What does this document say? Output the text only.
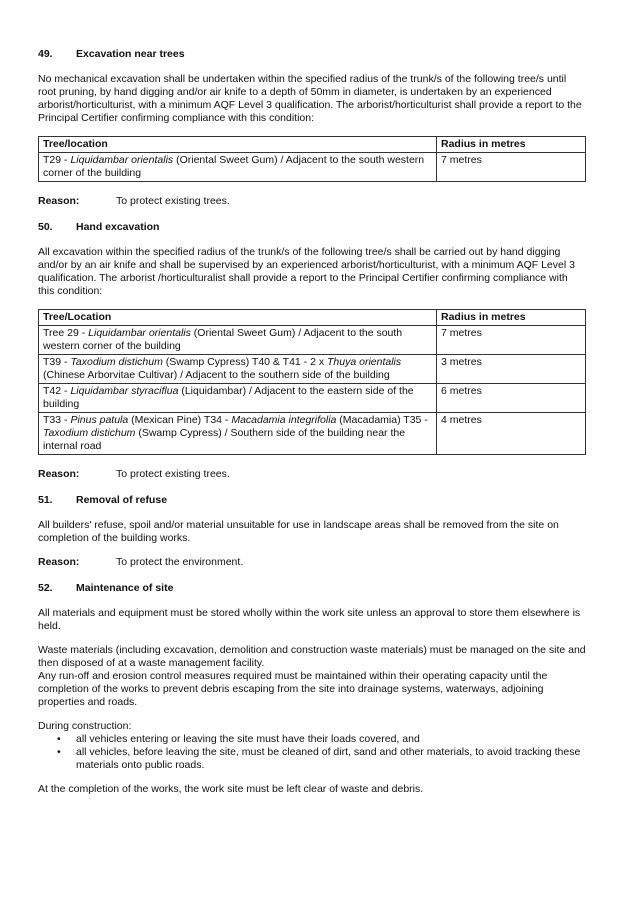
49.	Excavation near trees

No mechanical excavation shall be undertaken within the specified radius of the trunk/s of the following tree/s until root pruning, by hand digging and/or air knife to a depth of 50mm in diameter, is undertaken by an experienced arborist/horticulturist, with a minimum AQF Level 3 qualification. The arborist/horticulturist shall provide a report to the Principal Certifier confirming compliance with this condition:

Tree/location	Radius in metres
T29 - Liquidambar orientalis (Oriental Sweet Gum) / Adjacent to the south western corner of the building	7 metres
Reason:	To protect existing trees.
50.	Hand excavation

All excavation within the specified radius of the trunk/s of the following tree/s shall be carried out by hand digging and/or by an air knife and shall be supervised by an experienced arborist/horticulturist, with a minimum AQF Level 3 qualification. The arborist /horticulturalist shall provide a report to the Principal Certifier confirming compliance with this condition:

Tree/Location	Radius in metres
Tree 29 - Liquidambar orientalis (Oriental Sweet Gum) / Adjacent to the south western corner of the building	7 metres
T39 - Taxodium distichum (Swamp Cypress) T40 & T41 - 2 x Thuya orientalis (Chinese Arborvitae Cultivar) / Adjacent to the southern side of the building	3 metres
T42 - Liquidambar styraciflua (Liquidambar) / Adjacent to the eastern side of the building	6 metres
T33 - Pinus patula (Mexican Pine) T34 - Macadamia integrifolia (Macadamia) T35 - Taxodium distichum (Swamp Cypress) / Southern side of the building near the internal road	4 metres
Reason:	To protect existing trees.
51.	Removal of refuse

All builders' refuse, spoil and/or material unsuitable for use in landscape areas shall be removed from the site on completion of the building works.

Reason:	To protect the environment.
52.	Maintenance of site

All materials and equipment must be stored wholly within the work site unless an approval to store them elsewhere is held.

Waste materials (including excavation, demolition and construction waste materials) must be managed on the site and then disposed of at a waste management facility.

Any run-off and erosion control measures required must be maintained within their operating capacity until the completion of the works to prevent debris escaping from the site into drainage systems, waterways, adjoining properties and roads.

During construction:

• all vehicles entering or leaving the site must have their loads covered, and
• all vehicles, before leaving the site, must be cleaned of dirt, sand and other materials, to avoid tracking these materials onto public roads.

At the completion of the works, the work site must be left clear of waste and debris.
